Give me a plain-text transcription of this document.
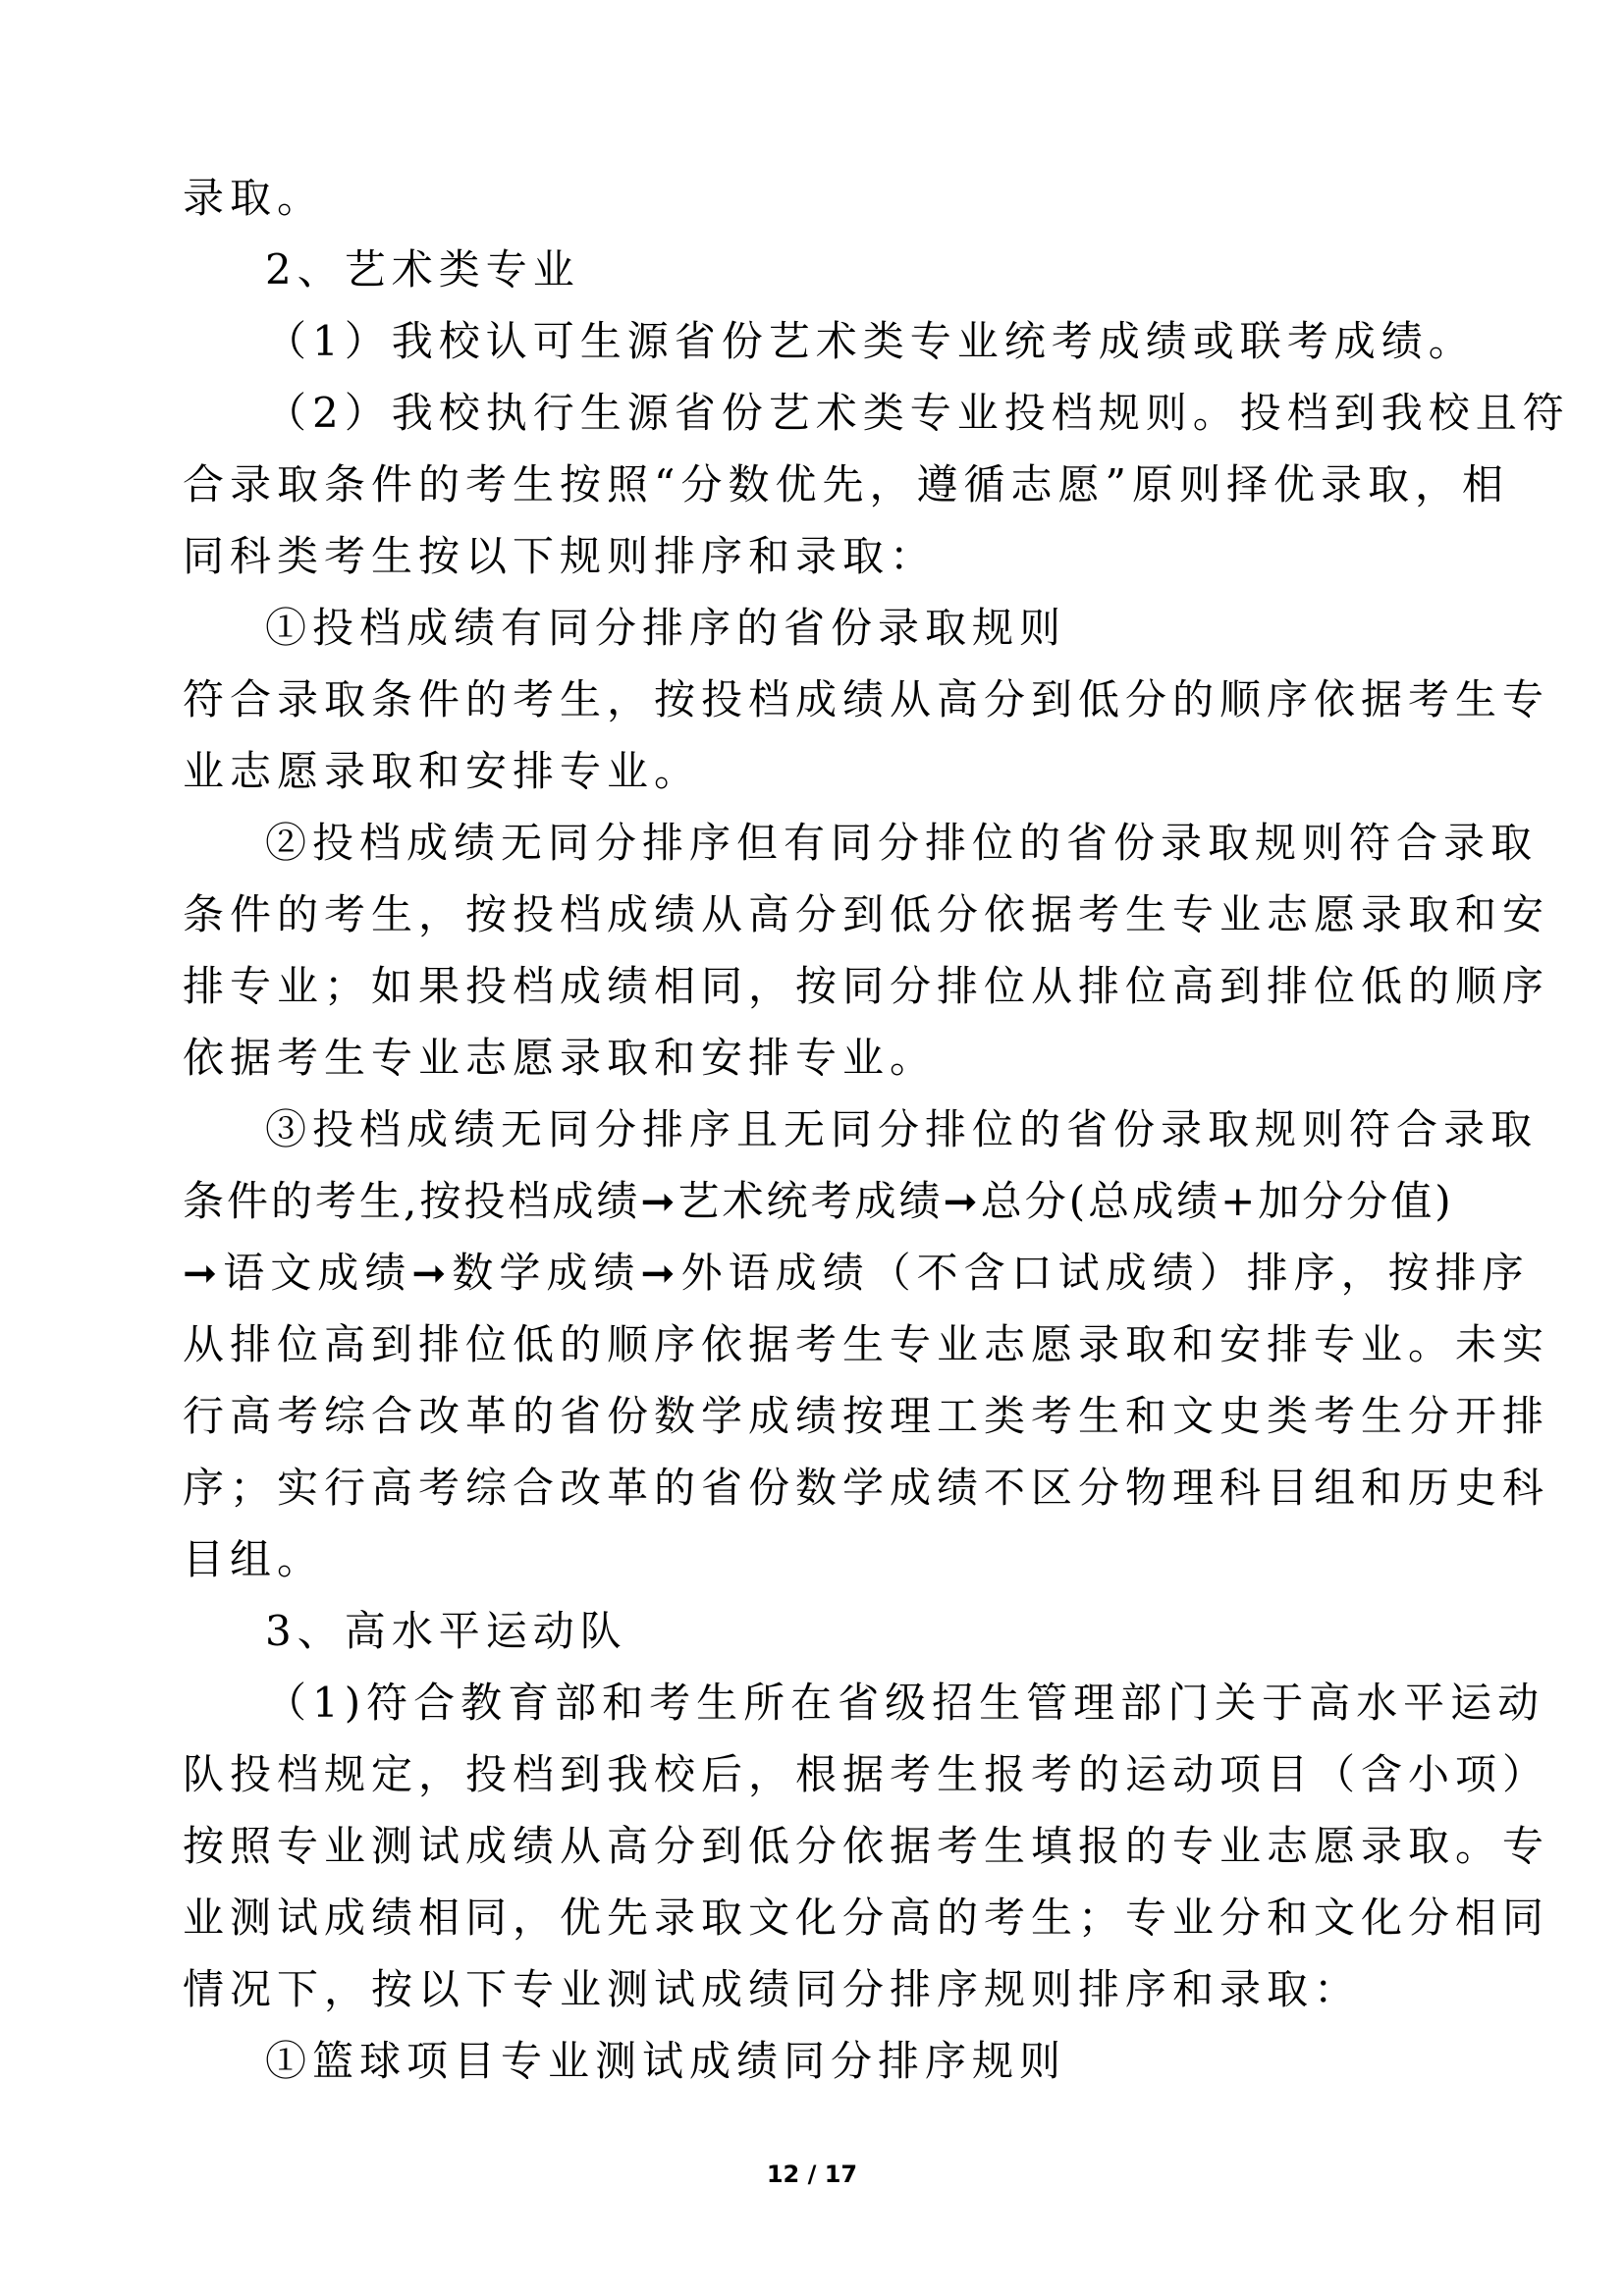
录取。
2、艺术类专业
（1）我校认可生源省份艺术类专业统考成绩或联考成绩。
（2）我校执行生源省份艺术类专业投档规则。投档到我校且符
合录取条件的考生按照“分数优先，遵循志愿”原则择优录取，相
同科类考生按以下规则排序和录取：
①投档成绩有同分排序的省份录取规则
符合录取条件的考生，按投档成绩从高分到低分的顺序依据考生专
业志愿录取和安排专业。
②投档成绩无同分排序但有同分排位的省份录取规则符合录取
条件的考生，按投档成绩从高分到低分依据考生专业志愿录取和安
排专业；如果投档成绩相同，按同分排位从排位高到排位低的顺序
依据考生专业志愿录取和安排专业。
③投档成绩无同分排序且无同分排位的省份录取规则符合录取
条件的考生,按投档成绩➞艺术统考成绩➞总分(总成绩+加分分值)
➞语文成绩➞数学成绩➞外语成绩（不含口试成绩）排序，按排序
从排位高到排位低的顺序依据考生专业志愿录取和安排专业。未实
行高考综合改革的省份数学成绩按理工类考生和文史类考生分开排
序；实行高考综合改革的省份数学成绩不区分物理科目组和历史科
目组。
3、高水平运动队
（1)符合教育部和考生所在省级招生管理部门关于高水平运动
队投档规定，投档到我校后，根据考生报考的运动项目（含小项）
按照专业测试成绩从高分到低分依据考生填报的专业志愿录取。专
业测试成绩相同，优先录取文化分高的考生；专业分和文化分相同
情况下，按以下专业测试成绩同分排序规则排序和录取：
①篮球项目专业测试成绩同分排序规则
12 / 17
